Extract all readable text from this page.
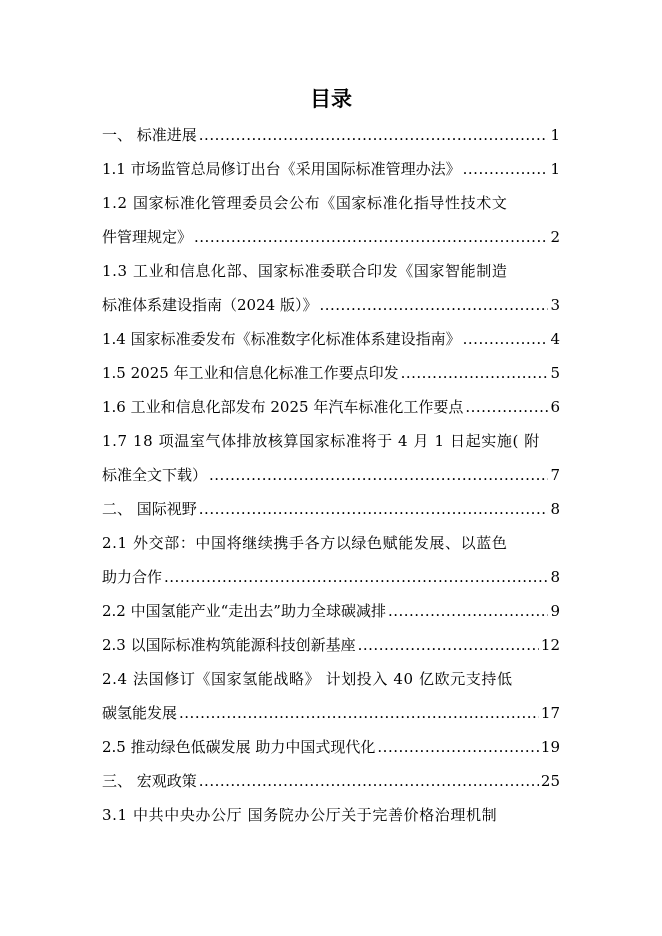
目录
一、 标准进展 .....	1
1.1 市场监管总局修订出台《采用国际标准管理办法》 .....	1
1.2 国家标准化管理委员会公布《国家标准化指导性技术文
件管理规定》 .....	2
1.3 工业和信息化部、国家标准委联合印发《国家智能制造
标准体系建设指南（2024 版）》 .....	3
1.4 国家标准委发布《标准数字化标准体系建设指南》 .....	4
1.5 2025 年工业和信息化标准工作要点印发 .....	5
1.6 工业和信息化部发布 2025 年汽车标准化工作要点 .....	6
1.7 18 项温室气体排放核算国家标准将于 4 月 1 日起实施( 附
标准全文下载） .....	7
二、 国际视野 .....	8
2.1 外交部：中国将继续携手各方以绿色赋能发展、以蓝色
助力合作 .....	8
2.2 中国氢能产业“走出去”助力全球碳减排 .....	9
2.3 以国际标准构筑能源科技创新基座 .....	12
2.4 法国修订《国家氢能战略》 计划投入 40 亿欧元支持低
碳氢能发展 .....	17
2.5 推动绿色低碳发展 助力中国式现代化 .....	19
三、 宏观政策 .....	25
3.1 中共中央办公厅 国务院办公厅关于完善价格治理机制
